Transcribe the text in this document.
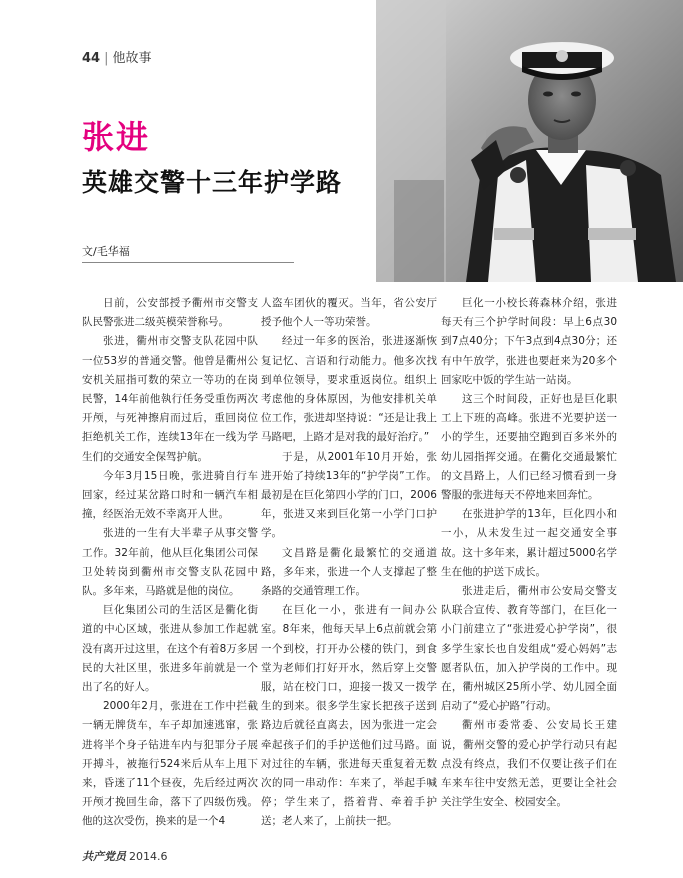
44 | 他故事
张进
英雄交警十三年护学路
文/毛华福

日前，公安部授予衢州市交警支队民警张进二级英模荣誉称号。

张进，衢州市交警支队花园中队一位53岁的普通交警。他曾是衢州公安机关屈指可数的荣立一等功的在岗民警，14年前他執行任务受重伤两次开颅，与死神擦肩而过后，重回岗位拒绝机关工作，连续13年在一线为学生们的交通安全保驾护航。

今年3月15日晚，张进骑自行车回家，经过某岔路口时和一辆汽车相撞，经医治无效不幸离开人世。

张进的一生有大半辈子从事交警工作。32年前，他从巨化集团公司保卫处转岗到衢州市交警支队花园中队。多年来，马路就是他的岗位。

巨化集团公司的生活区是衢化街道的中心区域，张进从参加工作起就没有离开过这里，在这个有着8万多居民的大社区里，张进多年前就是一个出了名的好人。

2000年2月，张进在工作中拦截一辆无牌货车，车子却加速逃窜，张进将半个身子钻进车内与犯罪分子展开搏斗，被拖行524米后从车上甩下来，昏迷了11个昼夜，先后经过两次开颅才挽回生命，落下了四级伤残。他的这次受伤，换来的是一个4

人盗车团伙的覆灭。当年，省公安厅授予他个人一等功荣誉。

经过一年多的医治，张进逐渐恢复记忆、言语和行动能力。他多次找到单位领导，要求重返岗位。组织上考虑他的身体原因，为他安排机关单位工作，张进却坚持说：“还是让我上马路吧，上路才是对我的最好治疗。”

于是，从2001年10月开始，张进开始了持续13年的“护学岗”工作。最初是在巨化第四小学的门口，2006年，张进又来到巨化第一小学门口护学。

文昌路是衢化最繁忙的交通道路，多年来，张进一个人支撑起了整条路的交通管理工作。

在巨化一小，张进有一间办公室。8年来，他每天早上6点前就会第一个到校，打开办公楼的铁门，到食堂为老师们打好开水，然后穿上交警服，站在校门口，迎接一拨又一拨学生的到来。很多学生家长把孩子送到路边后就径直离去，因为张进一定会牵起孩子们的手护送他们过马路。面对过往的车辆，张进每天重复着无数次的同一串动作：车来了，举起手喊停；学生来了，搭着背、牵着手护送；老人来了，上前扶一把。

巨化一小校长蒋森林介绍，张进每天有三个护学时间段：早上6点30到7点40分；下午3点到4点30分；还有中午放学，张进也要赶来为20多个回家吃中饭的学生站一站岗。

这三个时间段，正好也是巨化职工上下班的高峰。张进不光要护送一小的学生，还要抽空跑到百多米外的幼儿园指挥交通。在衢化交通最繁忙的文昌路上，人们已经习惯看到一身警服的张进每天不停地来回奔忙。

在张进护学的13年，巨化四小和一小，从未发生过一起交通安全事故。这十多年来，累计超过5000名学生在他的护送下成长。

张进走后，衢州市公安局交警支队联合宣传、教育等部门，在巨化一小门前建立了“张进爱心护学岗”，很多学生家长也自发组成“爱心妈妈”志愿者队伍，加入护学岗的工作中。现在，衢州城区25所小学、幼儿园全面启动了“爱心护路”行动。

衢州市委常委、公安局长王建说，衢州交警的爱心护学行动只有起点没有终点，我们不仅要让孩子们在车来车往中安然无恙，更要让全社会关注学生安全、校园安全。

共产党员 2014.6
